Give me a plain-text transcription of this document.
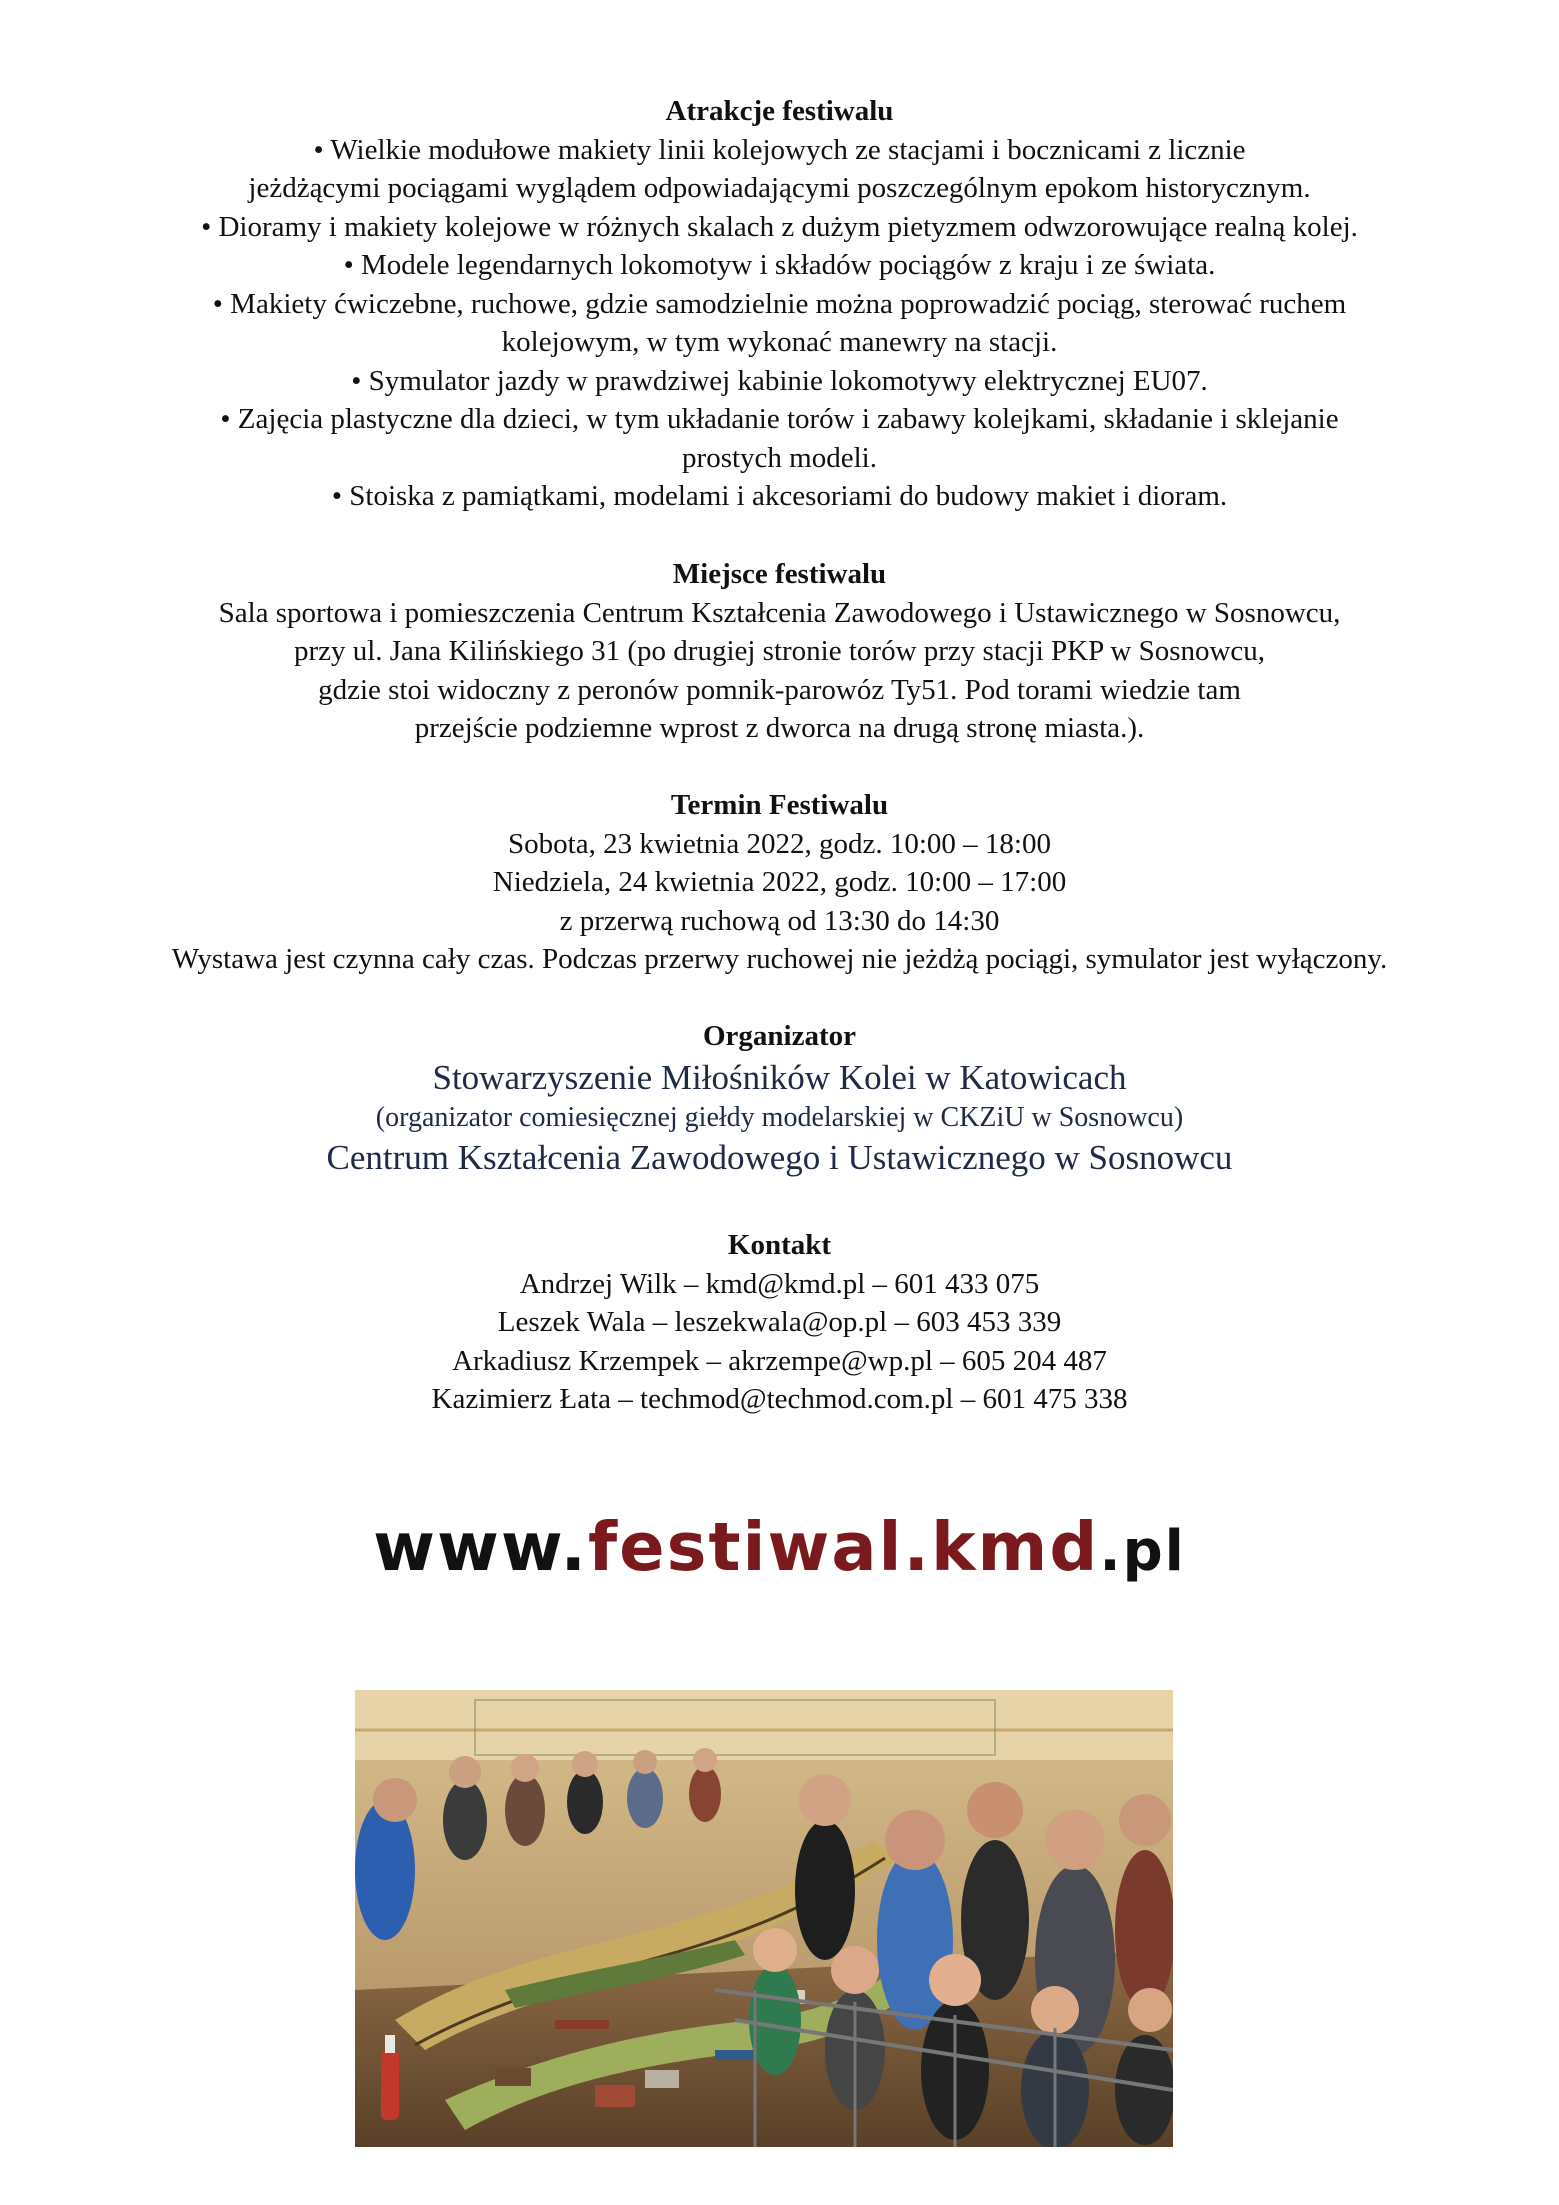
Atrakcje festiwalu
• Wielkie modułowe makiety linii kolejowych ze stacjami i bocznicami z licznie
jeżdżącymi pociągami wyglądem odpowiadającymi poszczególnym epokom historycznym.
• Dioramy i makiety kolejowe w różnych skalach z dużym pietyzmem odwzorowujące realną kolej.
• Modele legendarnych lokomotyw i składów pociągów z kraju i ze świata.
• Makiety ćwiczebne, ruchowe, gdzie samodzielnie można poprowadzić pociąg, sterować ruchem
kolejowym, w tym wykonać manewry na stacji.
• Symulator jazdy w prawdziwej kabinie lokomotywy elektrycznej EU07.
• Zajęcia plastyczne dla dzieci, w tym układanie torów i zabawy kolejkami, składanie i sklejanie
prostych modeli.
• Stoiska z pamiątkami, modelami i akcesoriami do budowy makiet i dioram.
Miejsce festiwalu
Sala sportowa i pomieszczenia Centrum Kształcenia Zawodowego i Ustawicznego w Sosnowcu,
przy ul. Jana Kilińskiego 31 (po drugiej stronie torów przy stacji PKP w Sosnowcu,
gdzie stoi widoczny z peronów pomnik-parowóz Ty51. Pod torami wiedzie tam
przejście podziemne wprost z dworca na drugą stronę miasta.).
Termin Festiwalu
Sobota, 23 kwietnia 2022, godz. 10:00 – 18:00
Niedziela, 24 kwietnia 2022, godz. 10:00 – 17:00
z przerwą ruchową od 13:30 do 14:30
Wystawa jest czynna cały czas. Podczas przerwy ruchowej nie jeżdżą pociągi, symulator jest wyłączony.
Organizator
Stowarzyszenie Miłośników Kolei w Katowicach
(organizator comiesięcznej giełdy modelarskiej w CKZiU w Sosnowcu)
Centrum Kształcenia Zawodowego i Ustawicznego w Sosnowcu
Kontakt
Andrzej Wilk – kmd@kmd.pl – 601 433 075
Leszek Wala – leszekwala@op.pl – 603 453 339
Arkadiusz Krzempek – akrzempe@wp.pl – 605 204 487
Kazimierz Łata – techmod@techmod.com.pl – 601 475 338
www.festiwal.kmd.pl
